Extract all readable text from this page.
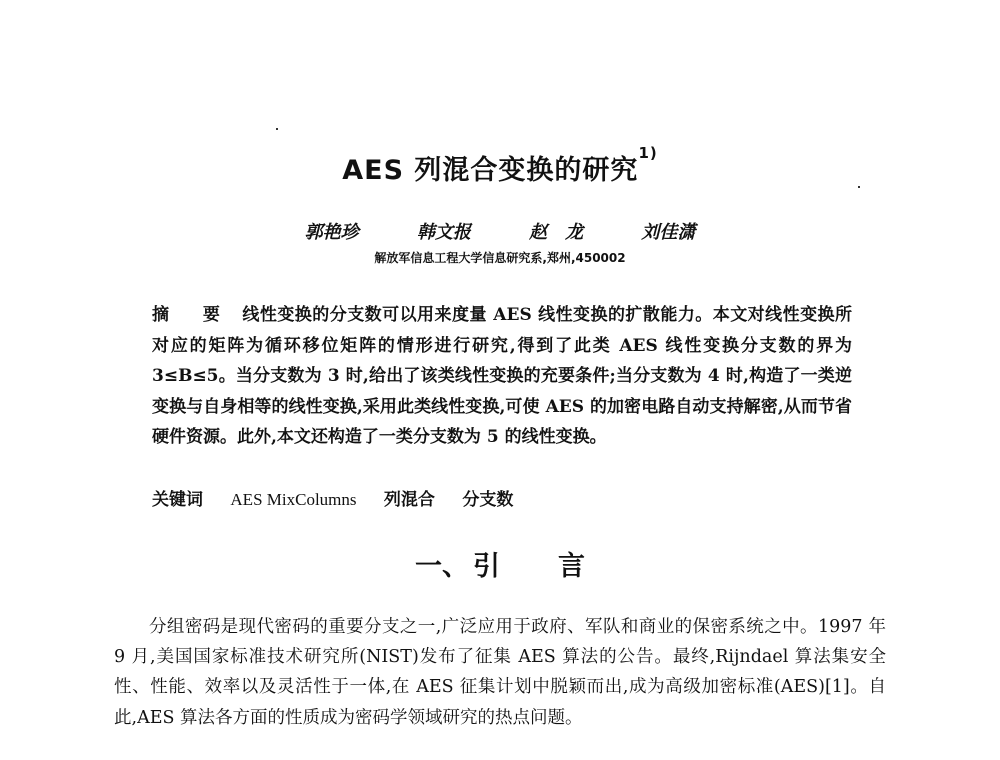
AES 列混合变换的研究$^{1)}$
郭艳珍	韩文报	赵　龙	刘佳潇
解放军信息工程大学信息研究系,郑州,450002
摘　要 线性变换的分支数可以用来度量 AES 线性变换的扩散能力。本文对线性变换所对应的矩阵为循环移位矩阵的情形进行研究,得到了此类 AES 线性变换分支数的界为 3≤B≤5。当分支数为 3 时,给出了该类线性变换的充要条件;当分支数为 4 时,构造了一类逆变换与自身相等的线性变换,采用此类线性变换,可使 AES 的加密电路自动支持解密,从而节省硬件资源。此外,本文还构造了一类分支数为 5 的线性变换。
关键词 AES MixColumns 列混合 分支数
一、 引 言
分组密码是现代密码的重要分支之一,广泛应用于政府、军队和商业的保密系统之中。1997 年 9 月,美国国家标准技术研究所(NIST)发布了征集 AES 算法的公告。最终,Rijndael 算法集安全性、性能、效率以及灵活性于一体,在 AES 征集计划中脱颖而出,成为高级加密标准(AES)[1]。自此,AES 算法各方面的性质成为密码学领域研究的热点问题。
